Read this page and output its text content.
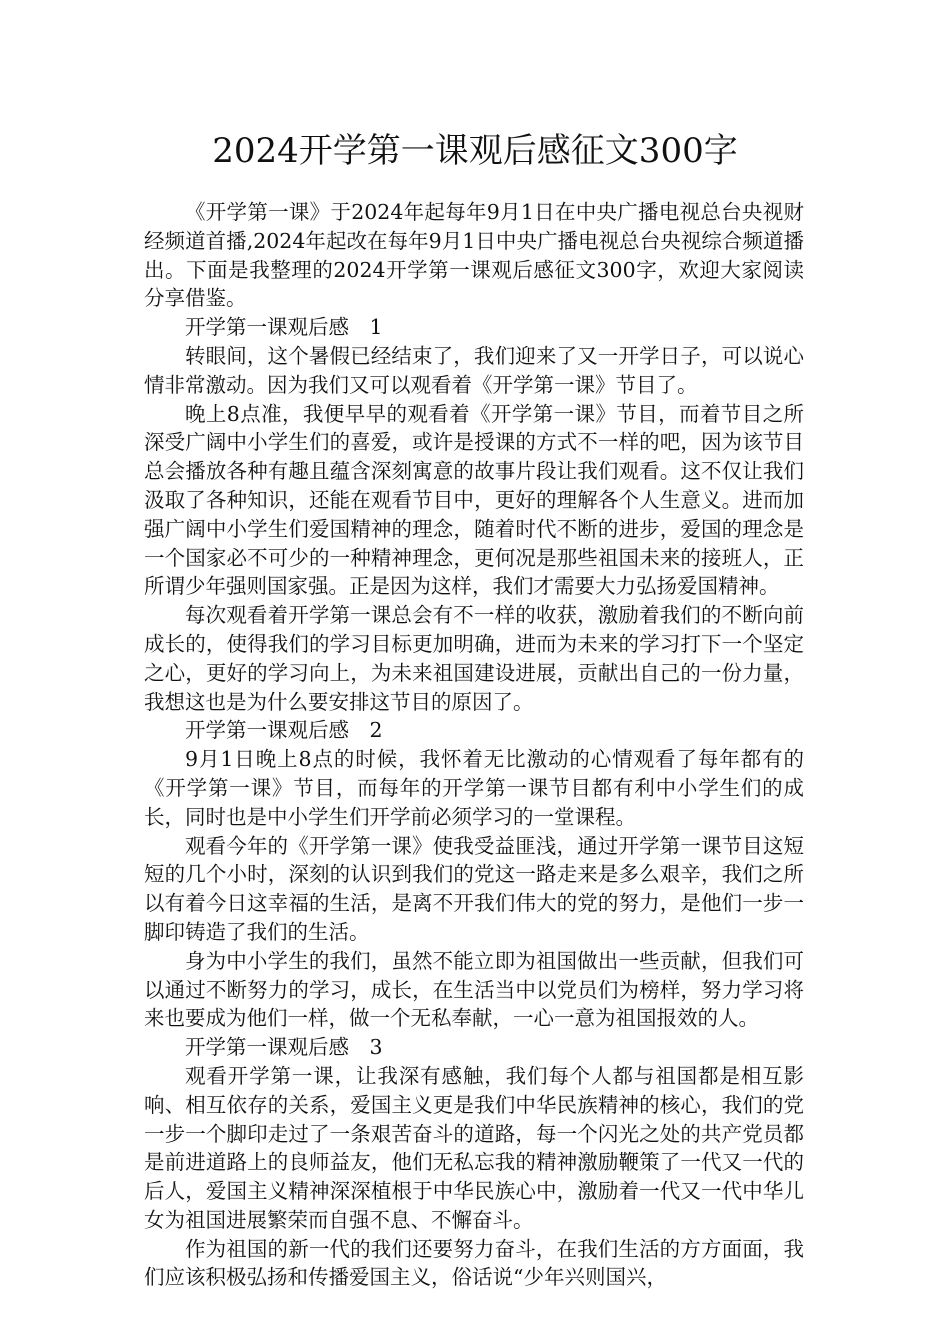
2024开学第一课观后感征文300字

《开学第一课》于2024年起每年9月1日在中央广播电视总台央视财经频道首播,2024年起改在每年9月1日中央广播电视总台央视综合频道播出。下面是我整理的2024开学第一课观后感征文300字，欢迎大家阅读分享借鉴。

开学第一课观后感　1

转眼间，这个暑假已经结束了，我们迎来了又一开学日子，可以说心情非常激动。因为我们又可以观看着《开学第一课》节目了。

晚上8点准，我便早早的观看着《开学第一课》节目，而着节目之所深受广阔中小学生们的喜爱，或许是授课的方式不一样的吧，因为该节目总会播放各种有趣且蕴含深刻寓意的故事片段让我们观看。这不仅让我们汲取了各种知识，还能在观看节目中，更好的理解各个人生意义。进而加强广阔中小学生们爱国精神的理念，随着时代不断的进步，爱国的理念是一个国家必不可少的一种精神理念，更何况是那些祖国未来的接班人，正所谓少年强则国家强。正是因为这样，我们才需要大力弘扬爱国精神。

每次观看着开学第一课总会有不一样的收获，激励着我们的不断向前成长的，使得我们的学习目标更加明确，进而为未来的学习打下一个坚定之心，更好的学习向上，为未来祖国建设进展，贡献出自己的一份力量，我想这也是为什么要安排这节目的原因了。

开学第一课观后感　2

9月1日晚上8点的时候，我怀着无比激动的心情观看了每年都有的《开学第一课》节目，而每年的开学第一课节目都有利中小学生们的成长，同时也是中小学生们开学前必须学习的一堂课程。

观看今年的《开学第一课》使我受益匪浅，通过开学第一课节目这短短的几个小时，深刻的认识到我们的党这一路走来是多么艰辛，我们之所以有着今日这幸福的生活，是离不开我们伟大的党的努力，是他们一步一脚印铸造了我们的生活。

身为中小学生的我们，虽然不能立即为祖国做出一些贡献，但我们可以通过不断努力的学习，成长，在生活当中以党员们为榜样，努力学习将来也要成为他们一样，做一个无私奉献，一心一意为祖国报效的人。

开学第一课观后感　3

观看开学第一课，让我深有感触，我们每个人都与祖国都是相互影响、相互依存的关系，爱国主义更是我们中华民族精神的核心，我们的党一步一个脚印走过了一条艰苦奋斗的道路，每一个闪光之处的共产党员都是前进道路上的良师益友，他们无私忘我的精神激励鞭策了一代又一代的后人，爱国主义精神深深植根于中华民族心中，激励着一代又一代中华儿女为祖国进展繁荣而自强不息、不懈奋斗。

作为祖国的新一代的我们还要努力奋斗，在我们生活的方方面面，我们应该积极弘扬和传播爱国主义，俗话说“少年兴则国兴，
